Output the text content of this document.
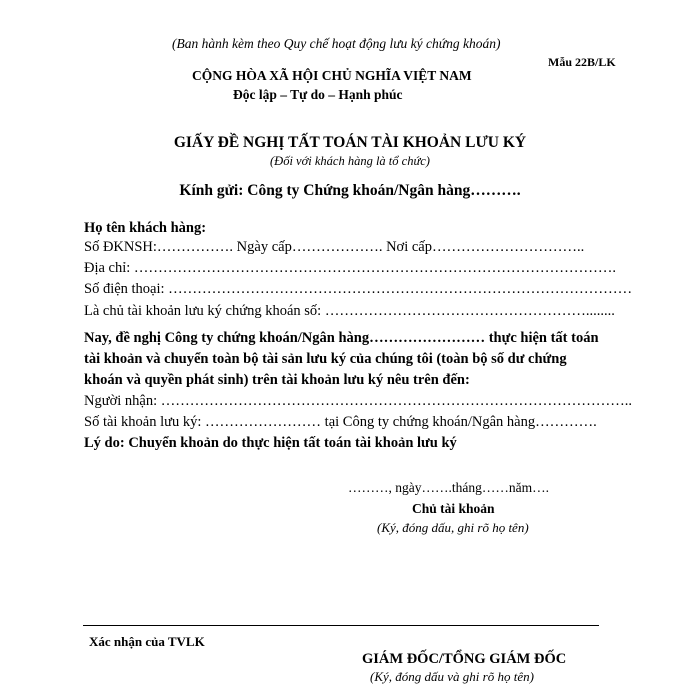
(Ban hành kèm theo Quy chế hoạt động lưu ký chứng khoán)
Mẫu 22B/LK
CỘNG HÒA XÃ HỘI CHỦ NGHĨA VIỆT NAM
Độc lập – Tự do – Hạnh phúc
GIẤY ĐỀ NGHỊ TẤT TOÁN TÀI KHOẢN LƯU KÝ
(Đối với khách hàng là tổ chức)
Kính gửi: Công ty Chứng khoán/Ngân hàng……….
Họ tên khách hàng:
Số ĐKNSH:……………. Ngày cấp………………. Nơi cấp…………………………..
Địa chỉ: ……………………………………………………………………………………….
Số điện thoại: ……………………………………………………………………………………
Là chủ tài khoản lưu ký chứng khoán số: ………………………………………………........
Nay, đề nghị Công ty chứng khoán/Ngân hàng…………………… thực hiện tất toán
tài khoản và chuyển toàn bộ tài sản lưu ký của chúng tôi (toàn bộ số dư chứng
khoán và quyền phát sinh) trên tài khoản lưu ký nêu trên đến:
Người nhận: ……………………………………………………………………………………..
Số tài khoản lưu ký: …………………… tại Công ty chứng khoán/Ngân hàng………….
Lý do: Chuyển khoản do thực hiện tất toán tài khoản lưu ký
………, ngày…….tháng……năm….
Chủ tài khoản
(Ký, đóng dấu, ghi rõ họ tên)
Xác nhận của TVLK
GIÁM ĐỐC/TỔNG GIÁM ĐỐC
(Ký, đóng dấu và ghi rõ họ tên)
